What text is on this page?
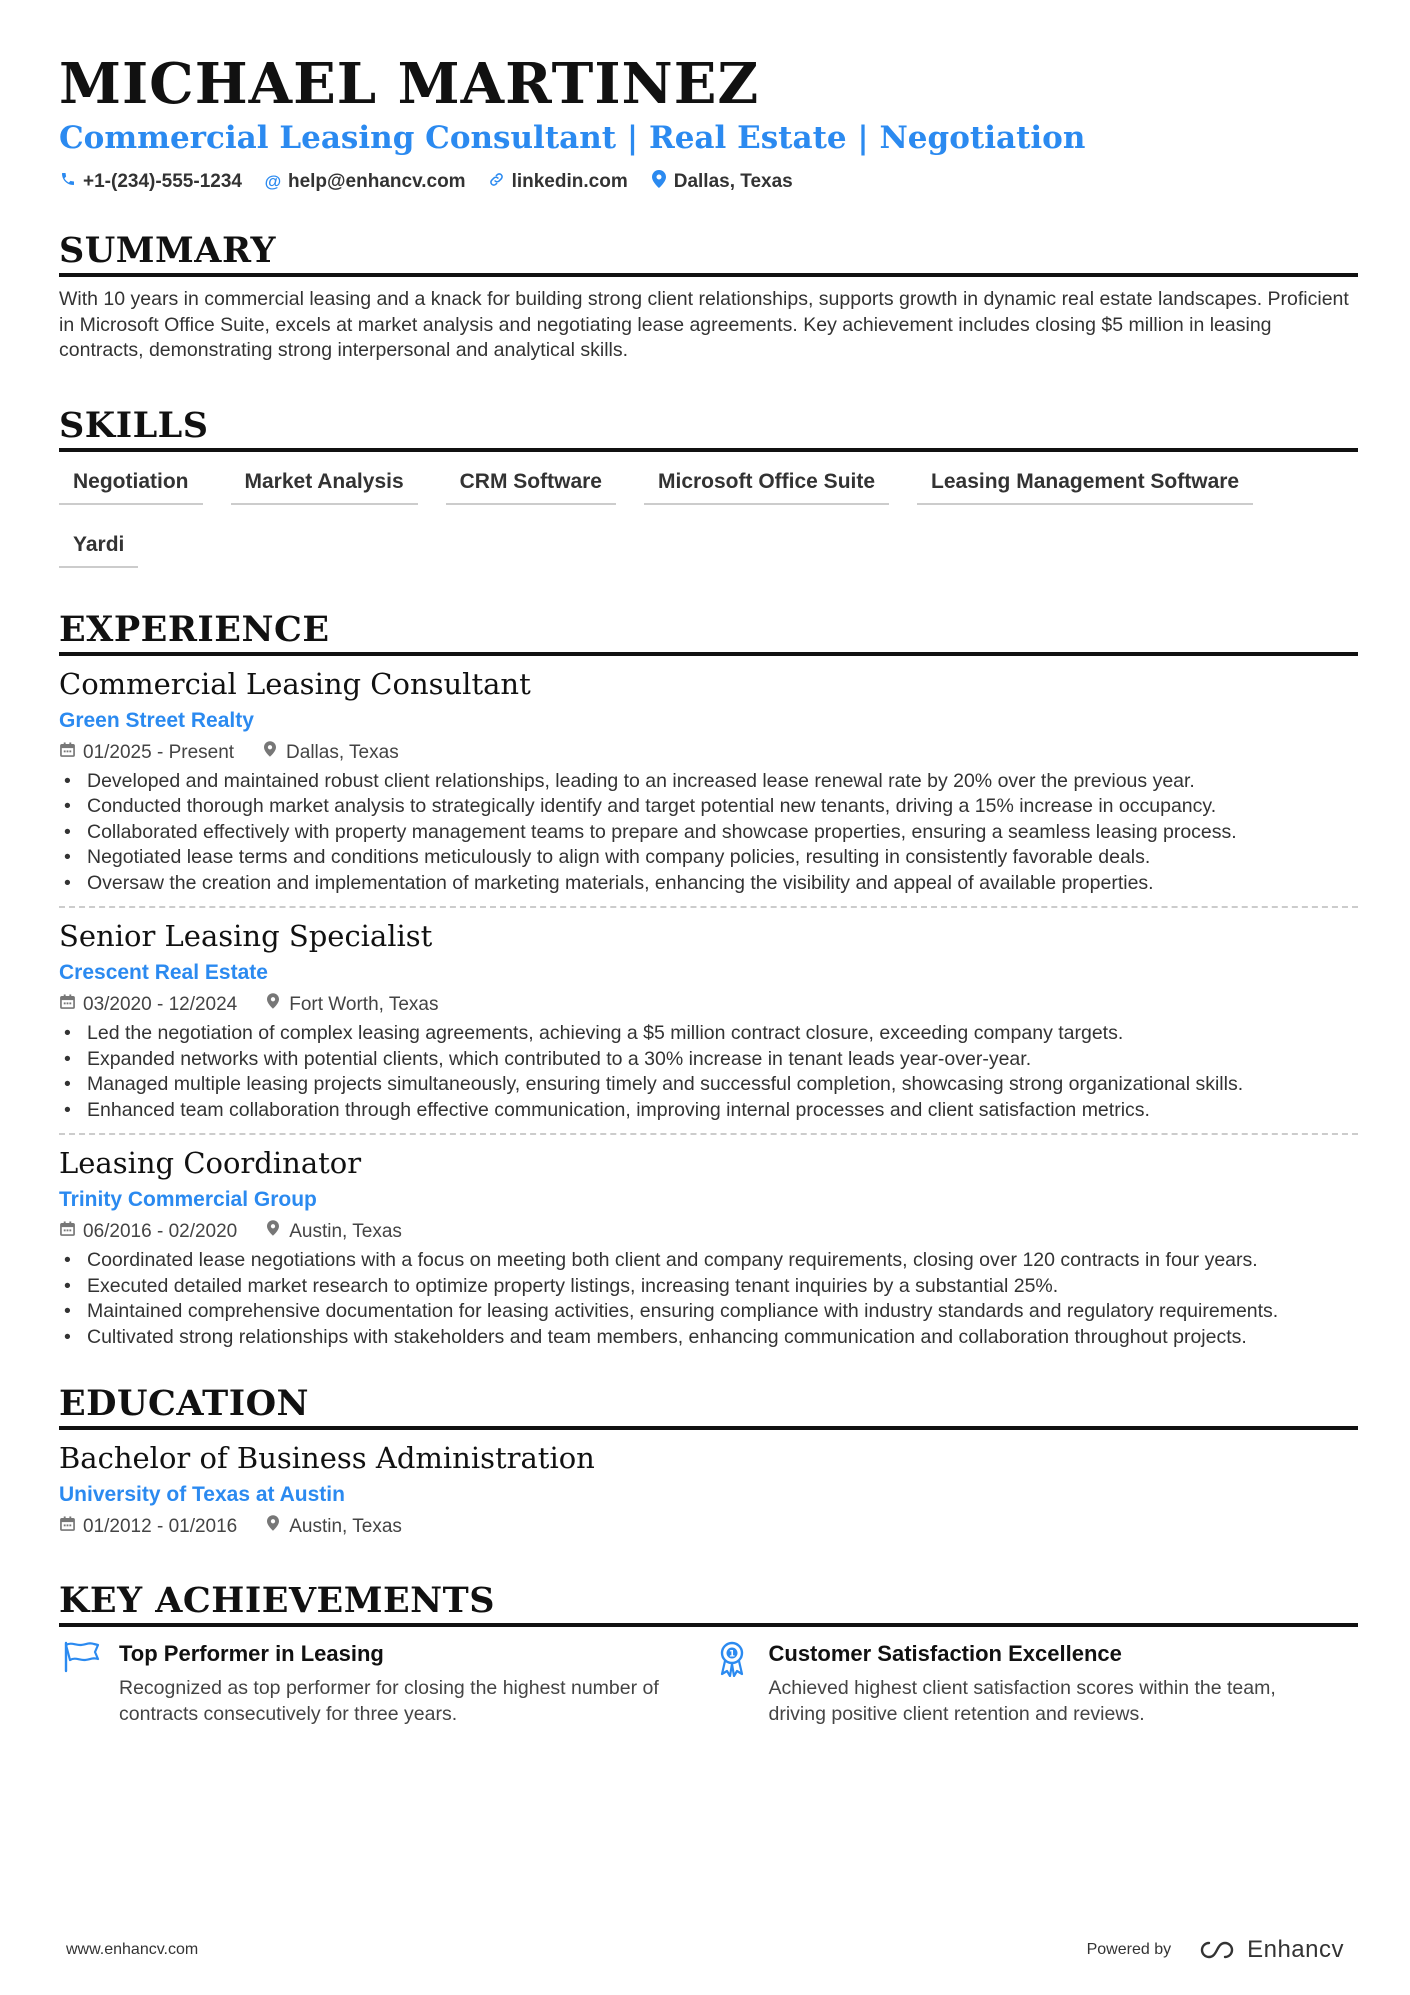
MICHAEL MARTINEZ
Commercial Leasing Consultant | Real Estate | Negotiation
+1-(234)-555-1234 @ help@enhancv.com linkedin.com Dallas, Texas
SUMMARY

With 10 years in commercial leasing and a knack for building strong client relationships, supports growth in dynamic real estate landscapes. Proficient in Microsoft Office Suite, excels at market analysis and negotiating lease agreements. Key achievement includes closing $5 million in leasing contracts, demonstrating strong interpersonal and analytical skills.

SKILLS
Negotiation	Market Analysis	CRM Software	Microsoft Office Suite	Leasing Management Software
Yardi
EXPERIENCE
Commercial Leasing Consultant
Green Street Realty
01/2025 - Present	Dallas, Texas
• Developed and maintained robust client relationships, leading to an increased lease renewal rate by 20% over the previous year.
• Conducted thorough market analysis to strategically identify and target potential new tenants, driving a 15% increase in occupancy.
• Collaborated effectively with property management teams to prepare and showcase properties, ensuring a seamless leasing process.
• Negotiated lease terms and conditions meticulously to align with company policies, resulting in consistently favorable deals.
• Oversaw the creation and implementation of marketing materials, enhancing the visibility and appeal of available properties.
Senior Leasing Specialist
Crescent Real Estate
03/2020 - 12/2024	Fort Worth, Texas
• Led the negotiation of complex leasing agreements, achieving a $5 million contract closure, exceeding company targets.
• Expanded networks with potential clients, which contributed to a 30% increase in tenant leads year-over-year.
• Managed multiple leasing projects simultaneously, ensuring timely and successful completion, showcasing strong organizational skills.
• Enhanced team collaboration through effective communication, improving internal processes and client satisfaction metrics.
Leasing Coordinator
Trinity Commercial Group
06/2016 - 02/2020	Austin, Texas
• Coordinated lease negotiations with a focus on meeting both client and company requirements, closing over 120 contracts in four years.
• Executed detailed market research to optimize property listings, increasing tenant inquiries by a substantial 25%.
• Maintained comprehensive documentation for leasing activities, ensuring compliance with industry standards and regulatory requirements.
• Cultivated strong relationships with stakeholders and team members, enhancing communication and collaboration throughout projects.
EDUCATION
Bachelor of Business Administration
University of Texas at Austin
01/2012 - 01/2016	Austin, Texas
KEY ACHIEVEMENTS
Top Performer in Leasing
Recognized as top performer for closing the highest number of contracts consecutively for three years.
1 Customer Satisfaction Excellence
Achieved highest client satisfaction scores within the team, driving positive client retention and reviews.
www.enhancv.com	Powered by	Enhancv
